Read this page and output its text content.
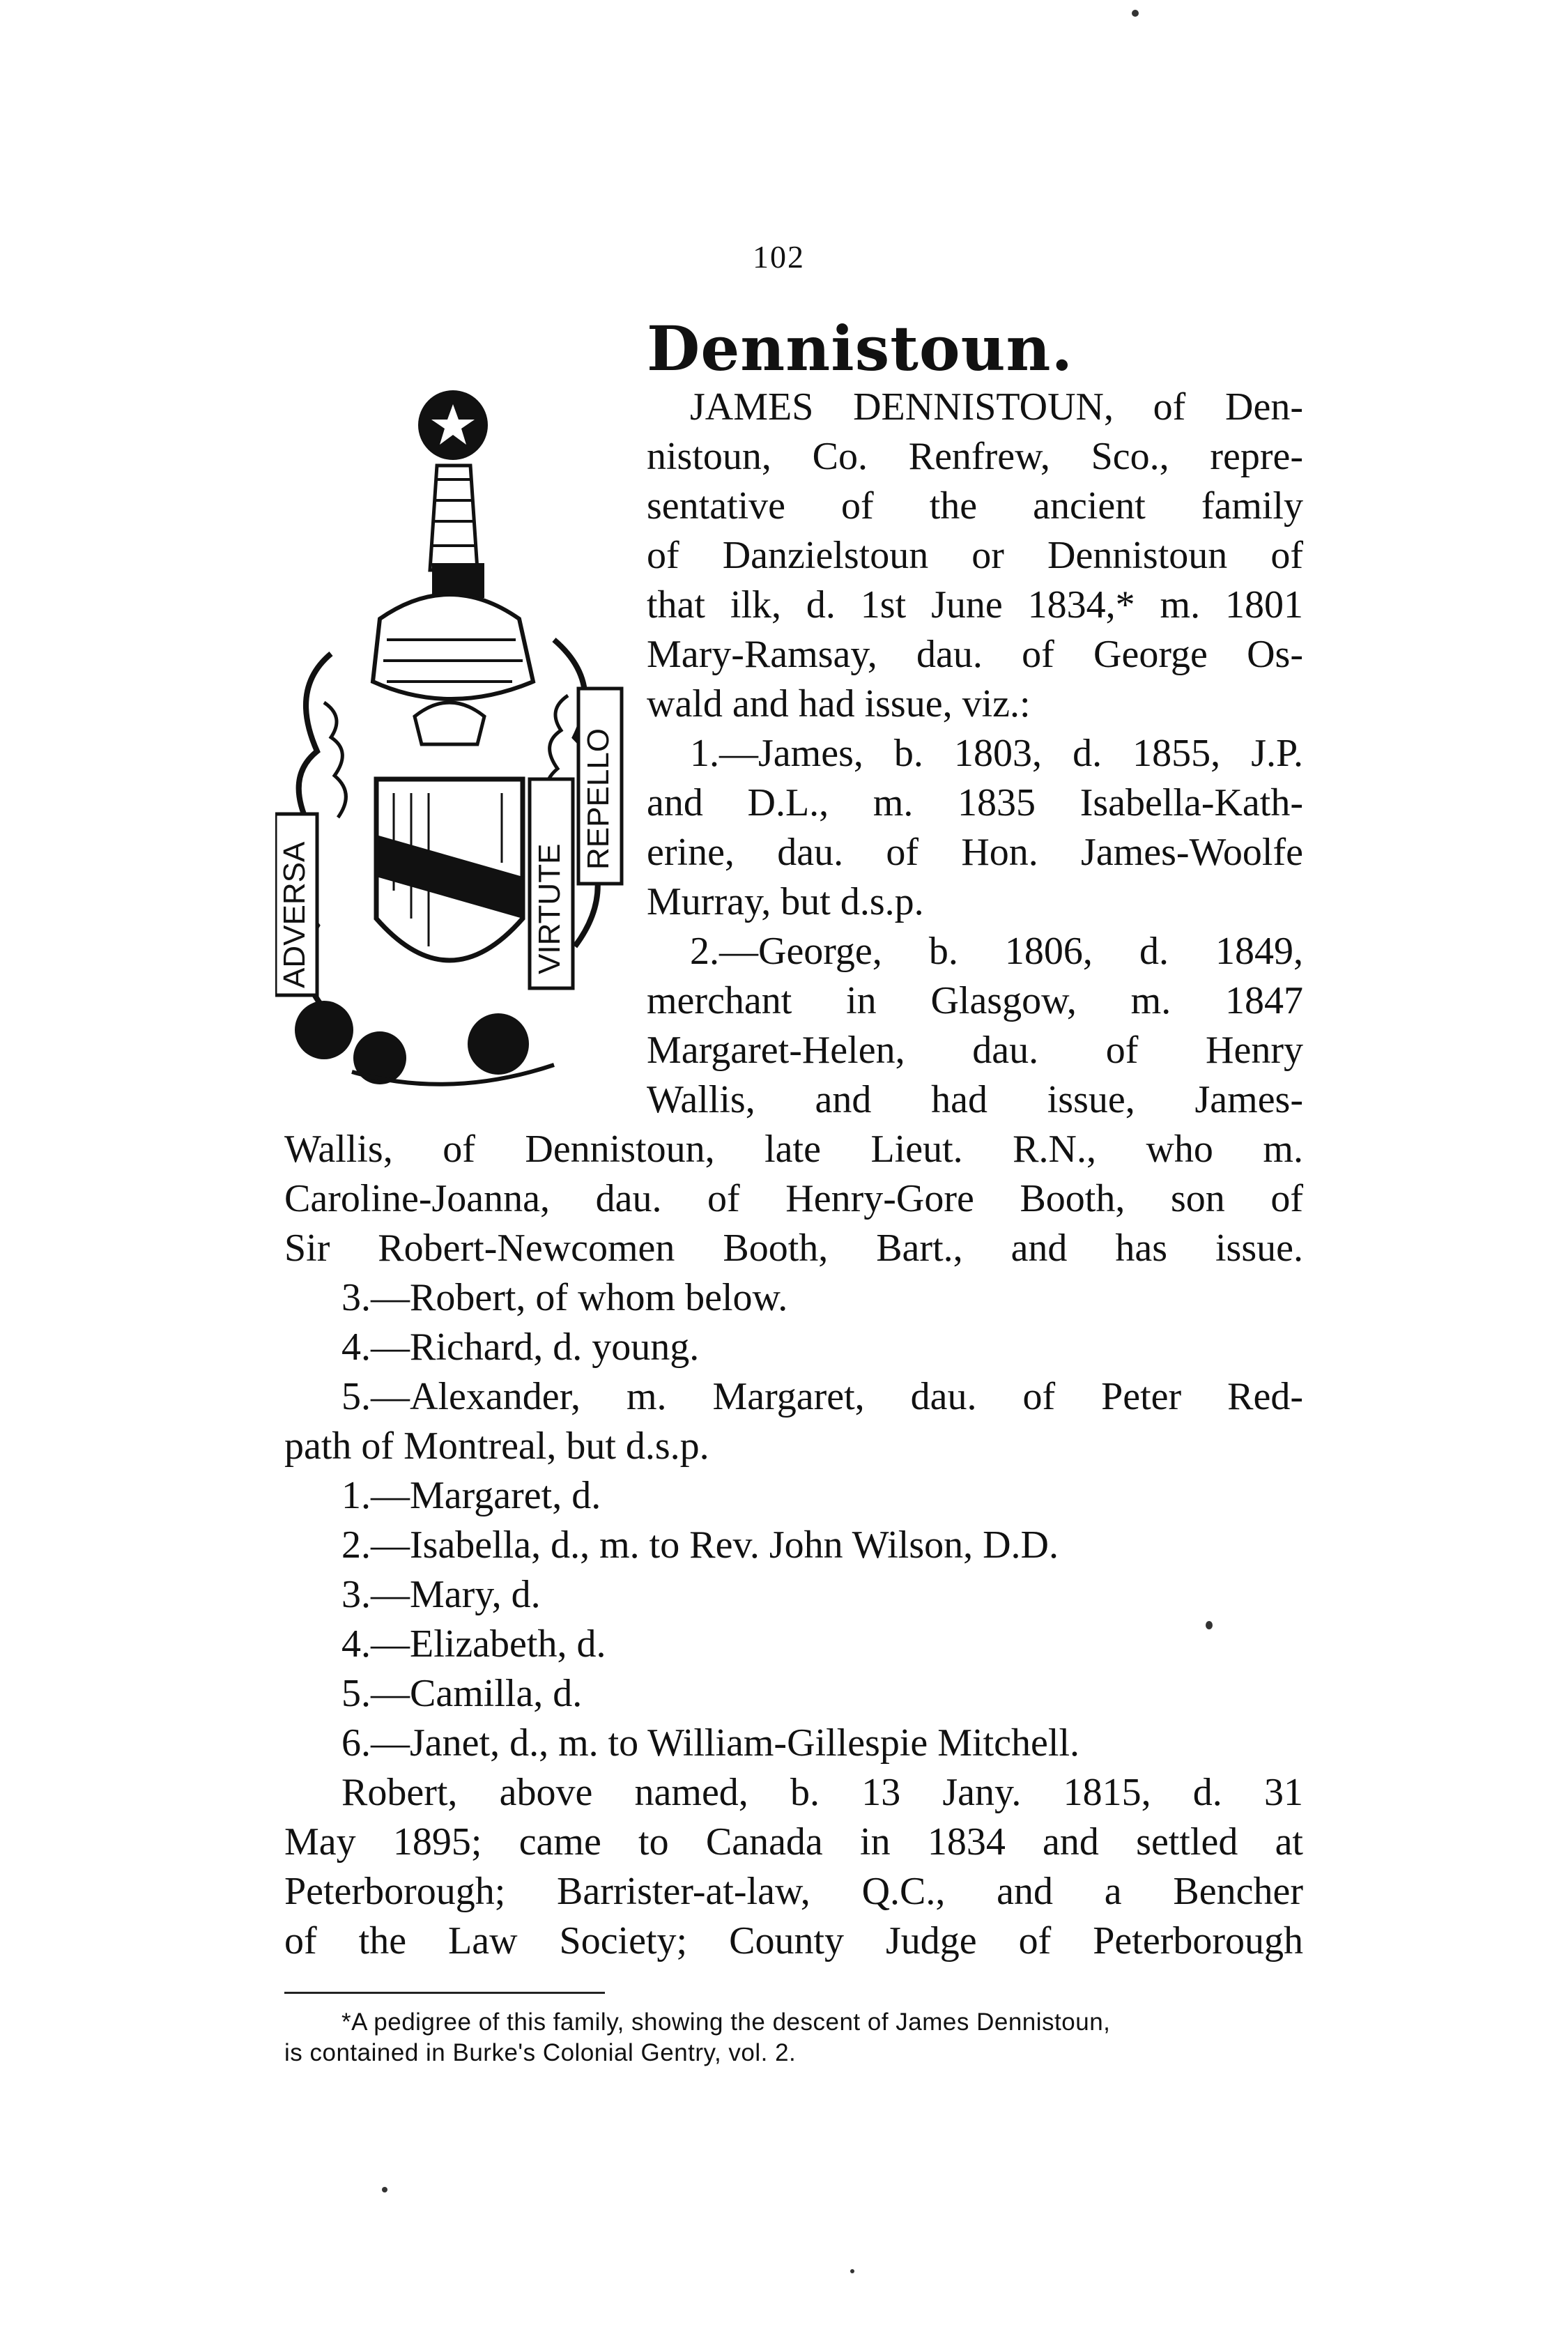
102
Dennistoun.
ADVERSA	VIRTUTE
REPELLO
JAMES DENNISTOUN, of Den-
nistoun, Co. Renfrew, Sco., repre-
sentative of the ancient family
of Danzielstoun or Dennistoun of
that ilk, d. 1st June 1834,* m. 1801
Mary-Ramsay, dau. of George Os-
wald and had issue, viz.:
1.—James, b. 1803, d. 1855, J.P.
and D.L., m. 1835 Isabella-Kath-
erine, dau. of Hon. James-Woolfe
Murray, but d.s.p.
2.—George, b. 1806, d. 1849,
merchant in Glasgow, m. 1847
Margaret-Helen, dau. of Henry
Wallis, and had issue, James-
Wallis, of Dennistoun, late Lieut. R.N., who m.
Caroline-Joanna, dau. of Henry-Gore Booth, son of
Sir Robert-Newcomen Booth, Bart., and has issue.
3.—Robert, of whom below.
4.—Richard, d. young.
5.—Alexander, m. Margaret, dau. of Peter Red-
path of Montreal, but d.s.p.
1.—Margaret, d.
2.—Isabella, d., m. to Rev. John Wilson, D.D.
3.—Mary, d.
4.—Elizabeth, d.
5.—Camilla, d.
6.—Janet, d., m. to William-Gillespie Mitchell.
Robert, above named, b. 13 Jany. 1815, d. 31
May 1895; came to Canada in 1834 and settled at
Peterborough; Barrister-at-law, Q.C., and a Bencher
of the Law Society; County Judge of Peterborough
*A pedigree of this family, showing the descent of James Dennistoun,
is contained in Burke's Colonial Gentry, vol. 2.
